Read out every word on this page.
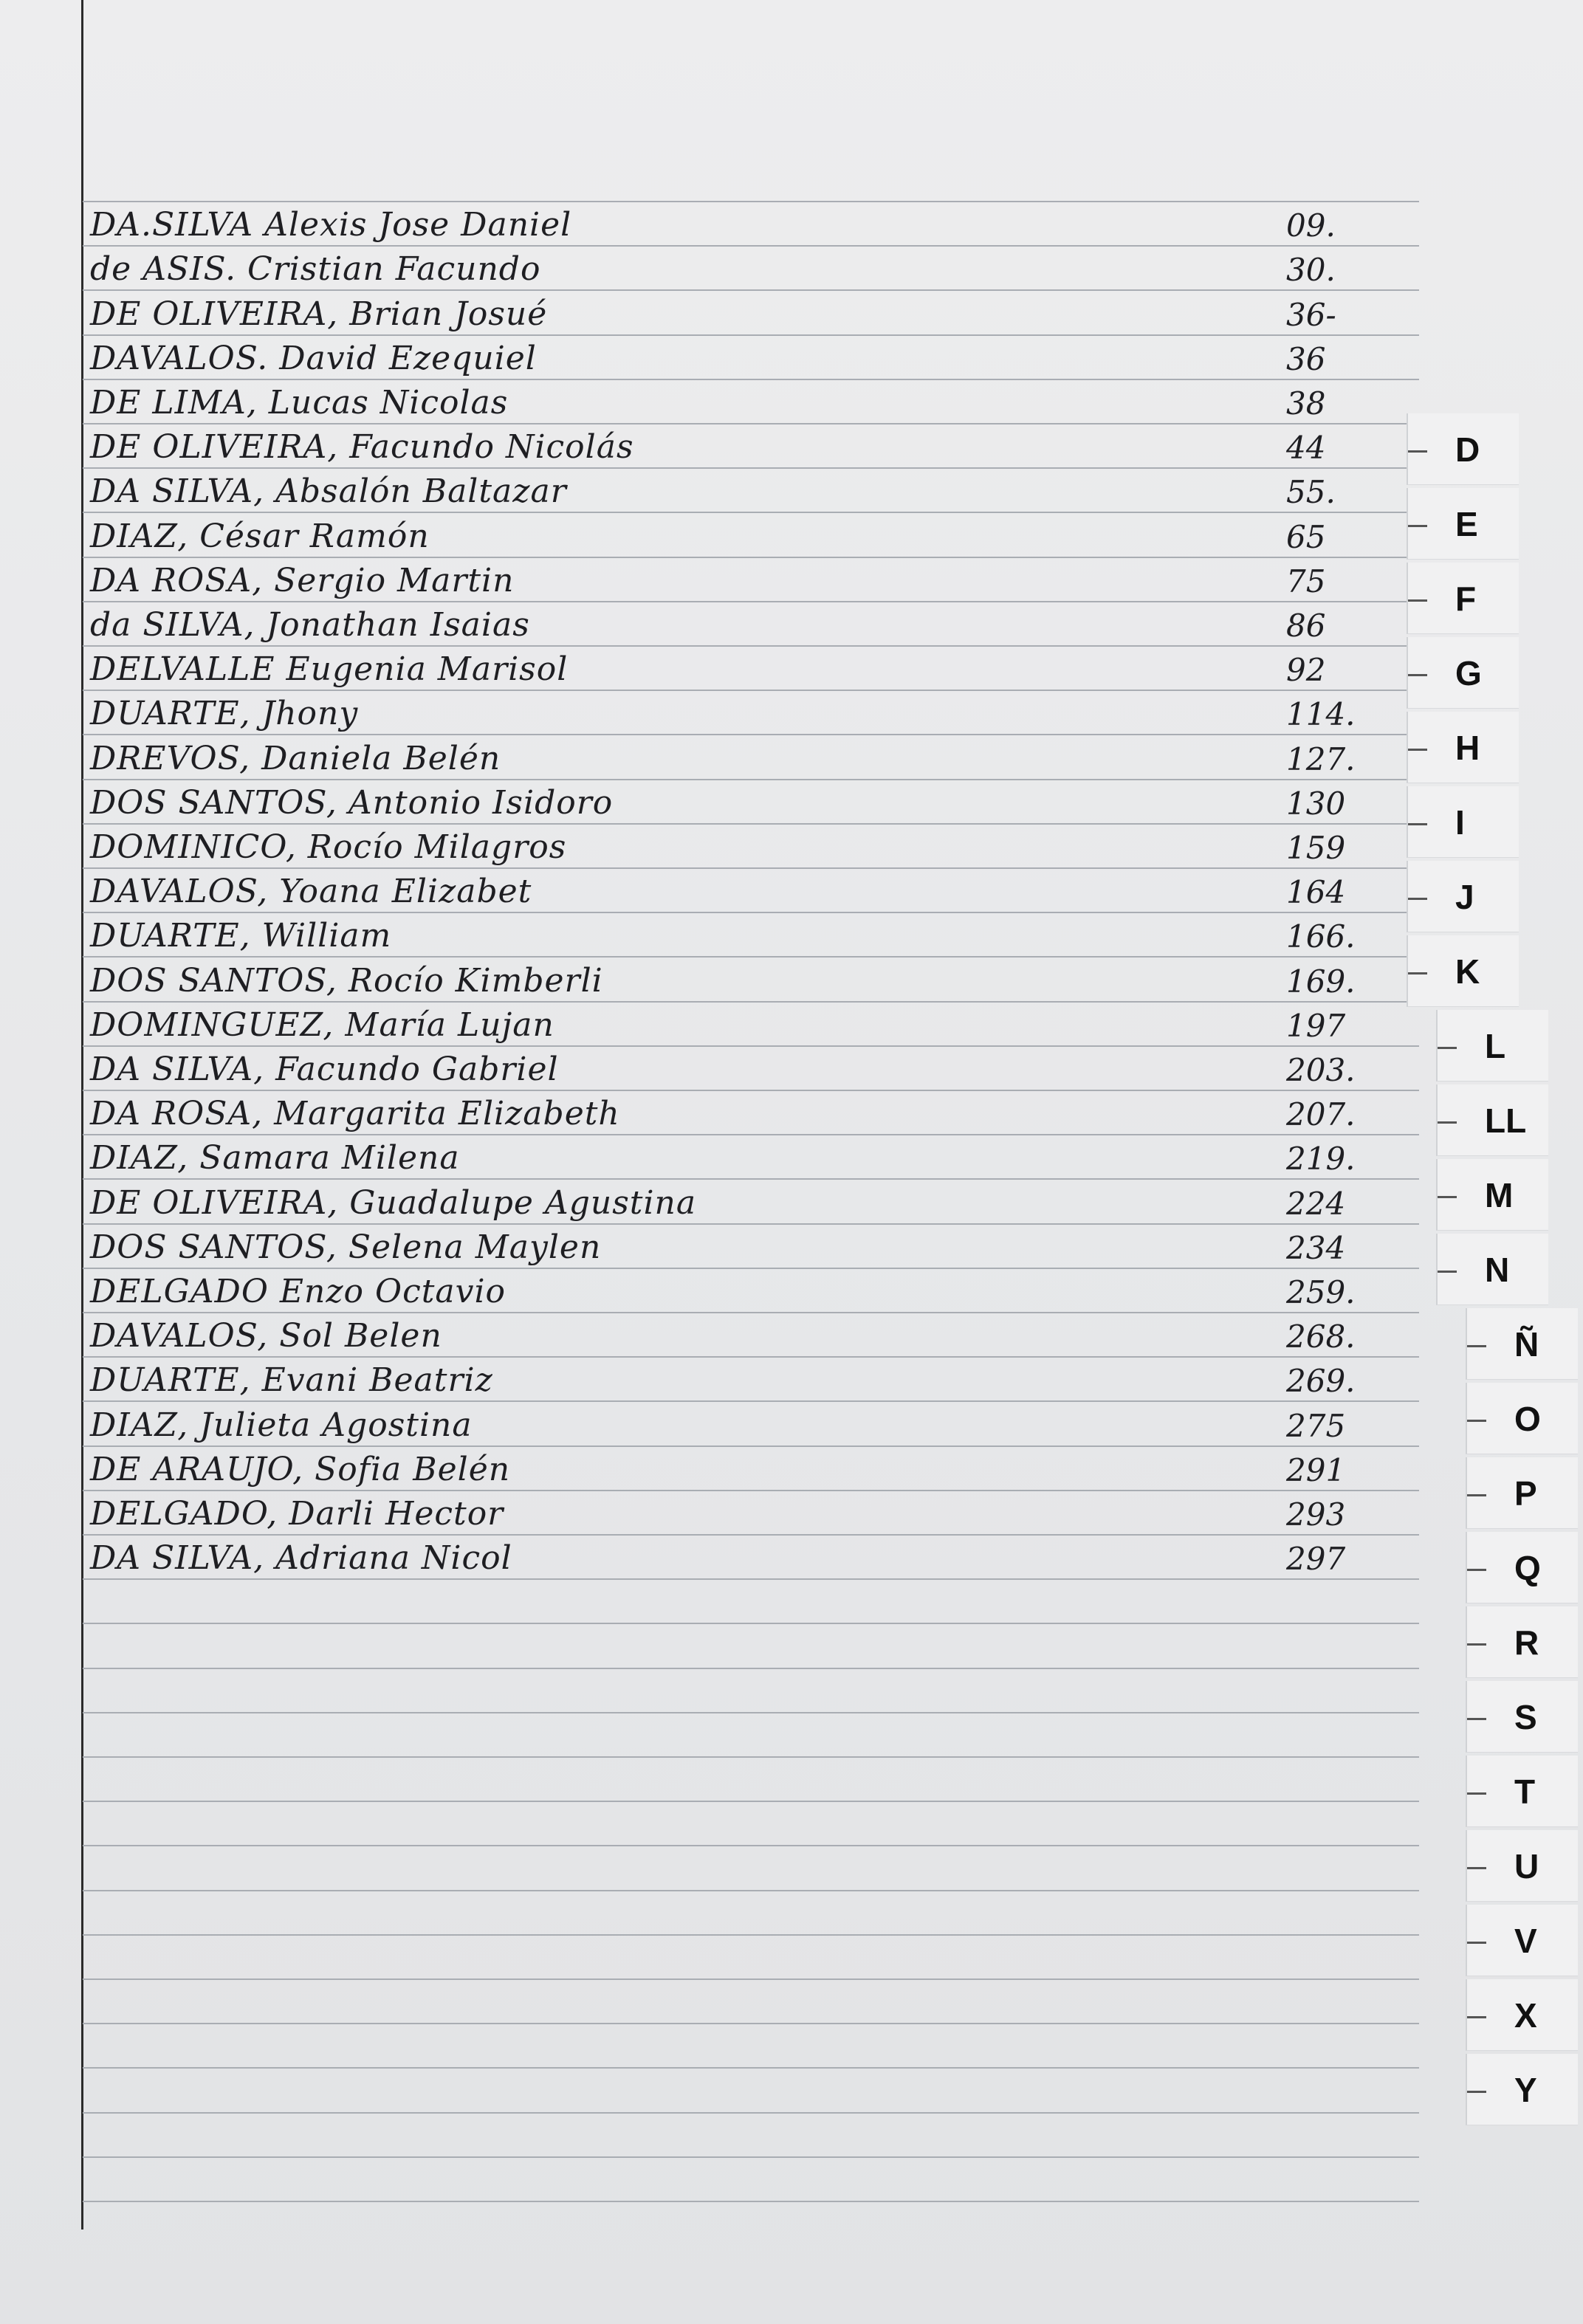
DA.SILVA Alexis Jose Daniel	09.
de ASIS. Cristian Facundo	30.
DE OLIVEIRA, Brian Josué	36-
DAVALOS. David Ezequiel	36
DE LIMA, Lucas Nicolas	38
DE OLIVEIRA, Facundo Nicolás	44
DA SILVA, Absalón Baltazar	55.
DIAZ, César Ramón	65
DA ROSA, Sergio Martin	75
da SILVA, Jonathan Isaias	86
DELVALLE Eugenia Marisol	92
DUARTE, Jhony	114.
DREVOS, Daniela Belén	127.
DOS SANTOS, Antonio Isidoro	130
DOMINICO, Rocío Milagros	159
DAVALOS, Yoana Elizabet	164
DUARTE, William	166.
DOS SANTOS, Rocío Kimberli	169.
DOMINGUEZ, María Lujan	197
DA SILVA, Facundo Gabriel	203.
DA ROSA, Margarita Elizabeth	207.
DIAZ, Samara Milena	219.
DE OLIVEIRA, Guadalupe Agustina	224
DOS SANTOS, Selena Maylen	234
DELGADO Enzo Octavio	259.
DAVALOS, Sol Belen	268.
DUARTE, Evani Beatriz	269.
DIAZ, Julieta Agostina	275
DE ARAUJO, Sofia Belén	291
DELGADO, Darli Hector	293
DA SILVA, Adriana Nicol	297
D
E
F
G
H
I
J
K
L
LL
M
N
Ñ
O
P
Q
R
S
T
U
V
X
Y
